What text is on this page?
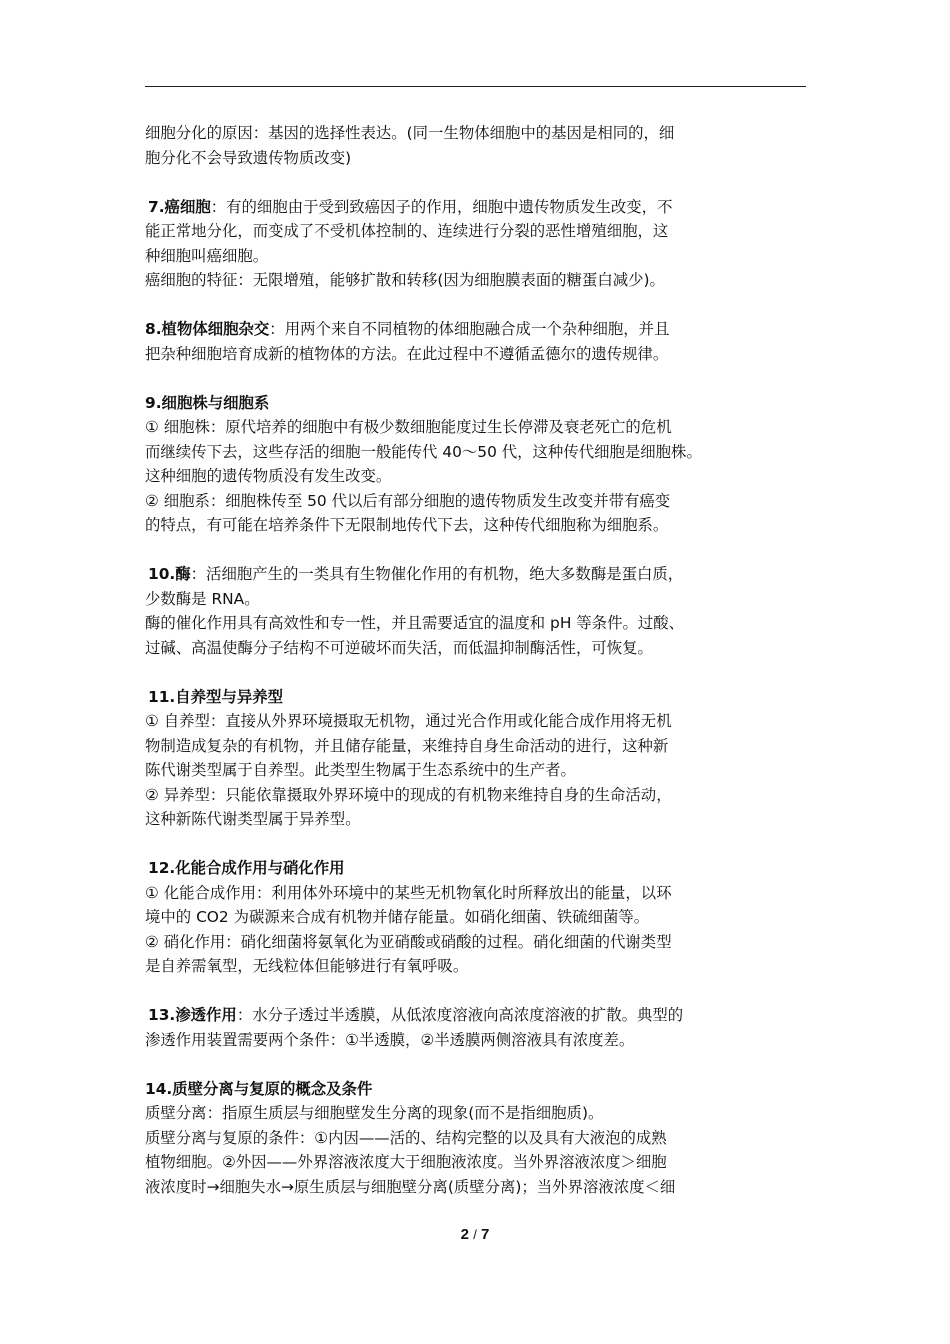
细胞分化的原因：基因的选择性表达。(同一生物体细胞中的基因是相同的，细
胞分化不会导致遗传物质改变)
7.癌细胞：有的细胞由于受到致癌因子的作用，细胞中遗传物质发生改变，不
能正常地分化，而变成了不受机体控制的、连续进行分裂的恶性增殖细胞，这
种细胞叫癌细胞。
癌细胞的特征：无限增殖，能够扩散和转移(因为细胞膜表面的糖蛋白减少)。
8.植物体细胞杂交：用两个来自不同植物的体细胞融合成一个杂种细胞，并且
把杂种细胞培育成新的植物体的方法。在此过程中不遵循孟德尔的遗传规律。
9.细胞株与细胞系
① 细胞株：原代培养的细胞中有极少数细胞能度过生长停滞及衰老死亡的危机
而继续传下去，这些存活的细胞一般能传代 40～50 代，这种传代细胞是细胞株。
这种细胞的遗传物质没有发生改变。
② 细胞系：细胞株传至 50 代以后有部分细胞的遗传物质发生改变并带有癌变
的特点，有可能在培养条件下无限制地传代下去，这种传代细胞称为细胞系。
10.酶：活细胞产生的一类具有生物催化作用的有机物，绝大多数酶是蛋白质，
少数酶是 RNA。
酶的催化作用具有高效性和专一性，并且需要适宜的温度和 pH 等条件。过酸、
过碱、高温使酶分子结构不可逆破坏而失活，而低温抑制酶活性，可恢复。
11.自养型与异养型
① 自养型：直接从外界环境摄取无机物，通过光合作用或化能合成作用将无机
物制造成复杂的有机物，并且储存能量，来维持自身生命活动的进行，这种新
陈代谢类型属于自养型。此类型生物属于生态系统中的生产者。
② 异养型：只能依靠摄取外界环境中的现成的有机物来维持自身的生命活动，
这种新陈代谢类型属于异养型。
12.化能合成作用与硝化作用
① 化能合成作用：利用体外环境中的某些无机物氧化时所释放出的能量，以环
境中的 CO2 为碳源来合成有机物并储存能量。如硝化细菌、铁硫细菌等。
② 硝化作用：硝化细菌将氨氧化为亚硝酸或硝酸的过程。硝化细菌的代谢类型
是自养需氧型，无线粒体但能够进行有氧呼吸。
13.渗透作用：水分子透过半透膜，从低浓度溶液向高浓度溶液的扩散。典型的
渗透作用装置需要两个条件：①半透膜，②半透膜两侧溶液具有浓度差。
14.质壁分离与复原的概念及条件
质壁分离：指原生质层与细胞壁发生分离的现象(而不是指细胞质)。
质壁分离与复原的条件：①内因——活的、结构完整的以及具有大液泡的成熟
植物细胞。②外因——外界溶液浓度大于细胞液浓度。当外界溶液浓度＞细胞
液浓度时→细胞失水→原生质层与细胞壁分离(质壁分离)；当外界溶液浓度＜细
2 / 7
